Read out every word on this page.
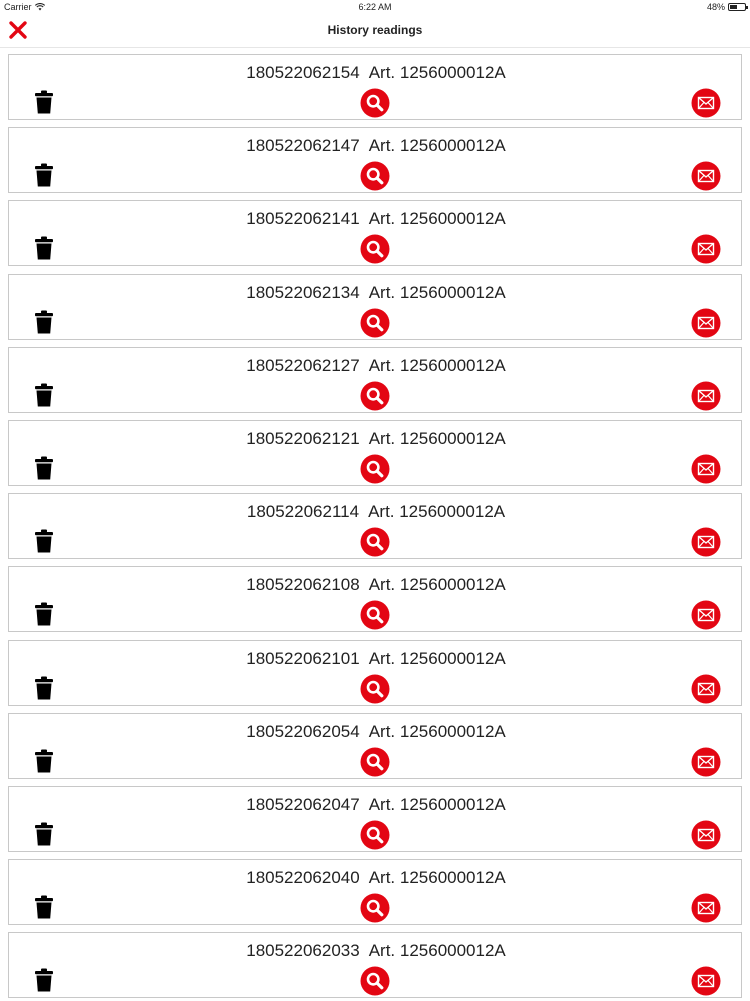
Carrier	6:22 AM	48%
History readings
180522062154 Art. 1256000012A
180522062147 Art. 1256000012A
180522062141 Art. 1256000012A
180522062134 Art. 1256000012A
180522062127 Art. 1256000012A
180522062121 Art. 1256000012A
180522062114 Art. 1256000012A
180522062108 Art. 1256000012A
180522062101 Art. 1256000012A
180522062054 Art. 1256000012A
180522062047 Art. 1256000012A
180522062040 Art. 1256000012A
180522062033 Art. 1256000012A
